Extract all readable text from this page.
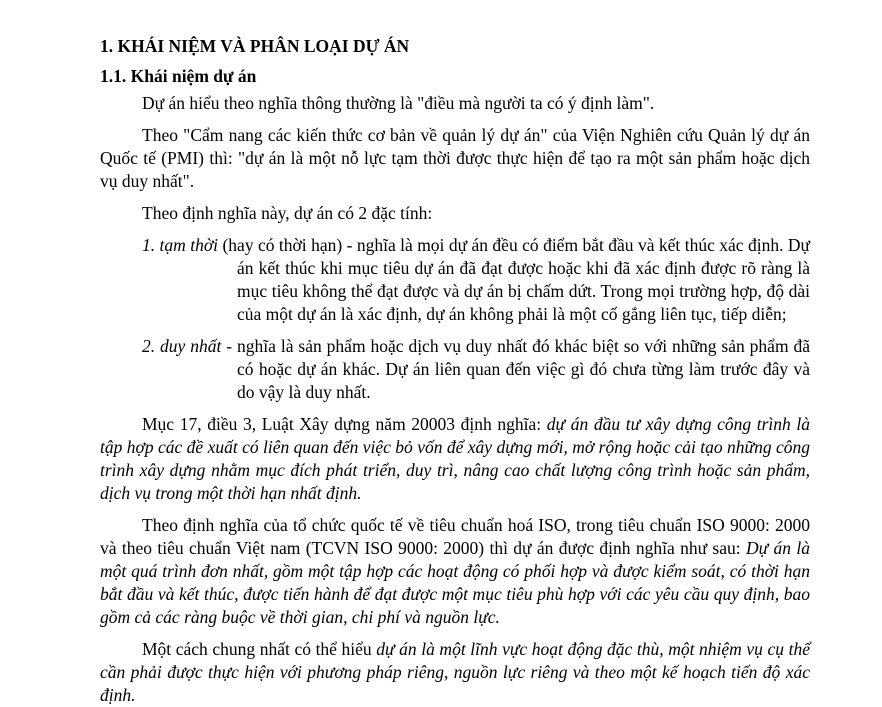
1. KHÁI NIỆM VÀ PHÂN LOẠI DỰ ÁN
1.1. Khái niệm dự án

Dự án hiểu theo nghĩa thông thường là "điều mà người ta có ý định làm".

Theo "Cẩm nang các kiến thức cơ bản về quản lý dự án" của Viện Nghiên cứu Quản lý dự án Quốc tế (PMI) thì: "dự án là một nỗ lực tạm thời được thực hiện để tạo ra một sản phẩm hoặc dịch vụ duy nhất".

Theo định nghĩa này, dự án có 2 đặc tính:

1. tạm thời (hay có thời hạn) - nghĩa là mọi dự án đều có điểm bắt đầu và kết thúc xác định. Dự án kết thúc khi mục tiêu dự án đã đạt được hoặc khi đã xác định được rõ ràng là mục tiêu không thể đạt được và dự án bị chấm dứt. Trong mọi trường hợp, độ dài của một dự án là xác định, dự án không phải là một cố gắng liên tục, tiếp diễn;

2. duy nhất - nghĩa là sản phẩm hoặc dịch vụ duy nhất đó khác biệt so với những sản phẩm đã có hoặc dự án khác. Dự án liên quan đến việc gì đó chưa từng làm trước đây và do vậy là duy nhất.

Mục 17, điều 3, Luật Xây dựng năm 20003 định nghĩa: dự án đầu tư xây dựng công trình là tập hợp các đề xuất có liên quan đến việc bỏ vốn để xây dựng mới, mở rộng hoặc cải tạo những công trình xây dựng nhằm mục đích phát triển, duy trì, nâng cao chất lượng công trình hoặc sản phẩm, dịch vụ trong một thời hạn nhất định.

Theo định nghĩa của tổ chức quốc tế về tiêu chuẩn hoá ISO, trong tiêu chuẩn ISO 9000: 2000 và theo tiêu chuẩn Việt nam (TCVN ISO 9000: 2000) thì dự án được định nghĩa như sau: Dự án là một quá trình đơn nhất, gồm một tập hợp các hoạt động có phối hợp và được kiểm soát, có thời hạn bắt đầu và kết thúc, được tiến hành để đạt được một mục tiêu phù hợp với các yêu cầu quy định, bao gồm cả các ràng buộc về thời gian, chi phí và nguồn lực.

Một cách chung nhất có thể hiểu dự án là một lĩnh vực hoạt động đặc thù, một nhiệm vụ cụ thể cần phải được thực hiện với phương pháp riêng, nguồn lực riêng và theo một kế hoạch tiến độ xác định.
